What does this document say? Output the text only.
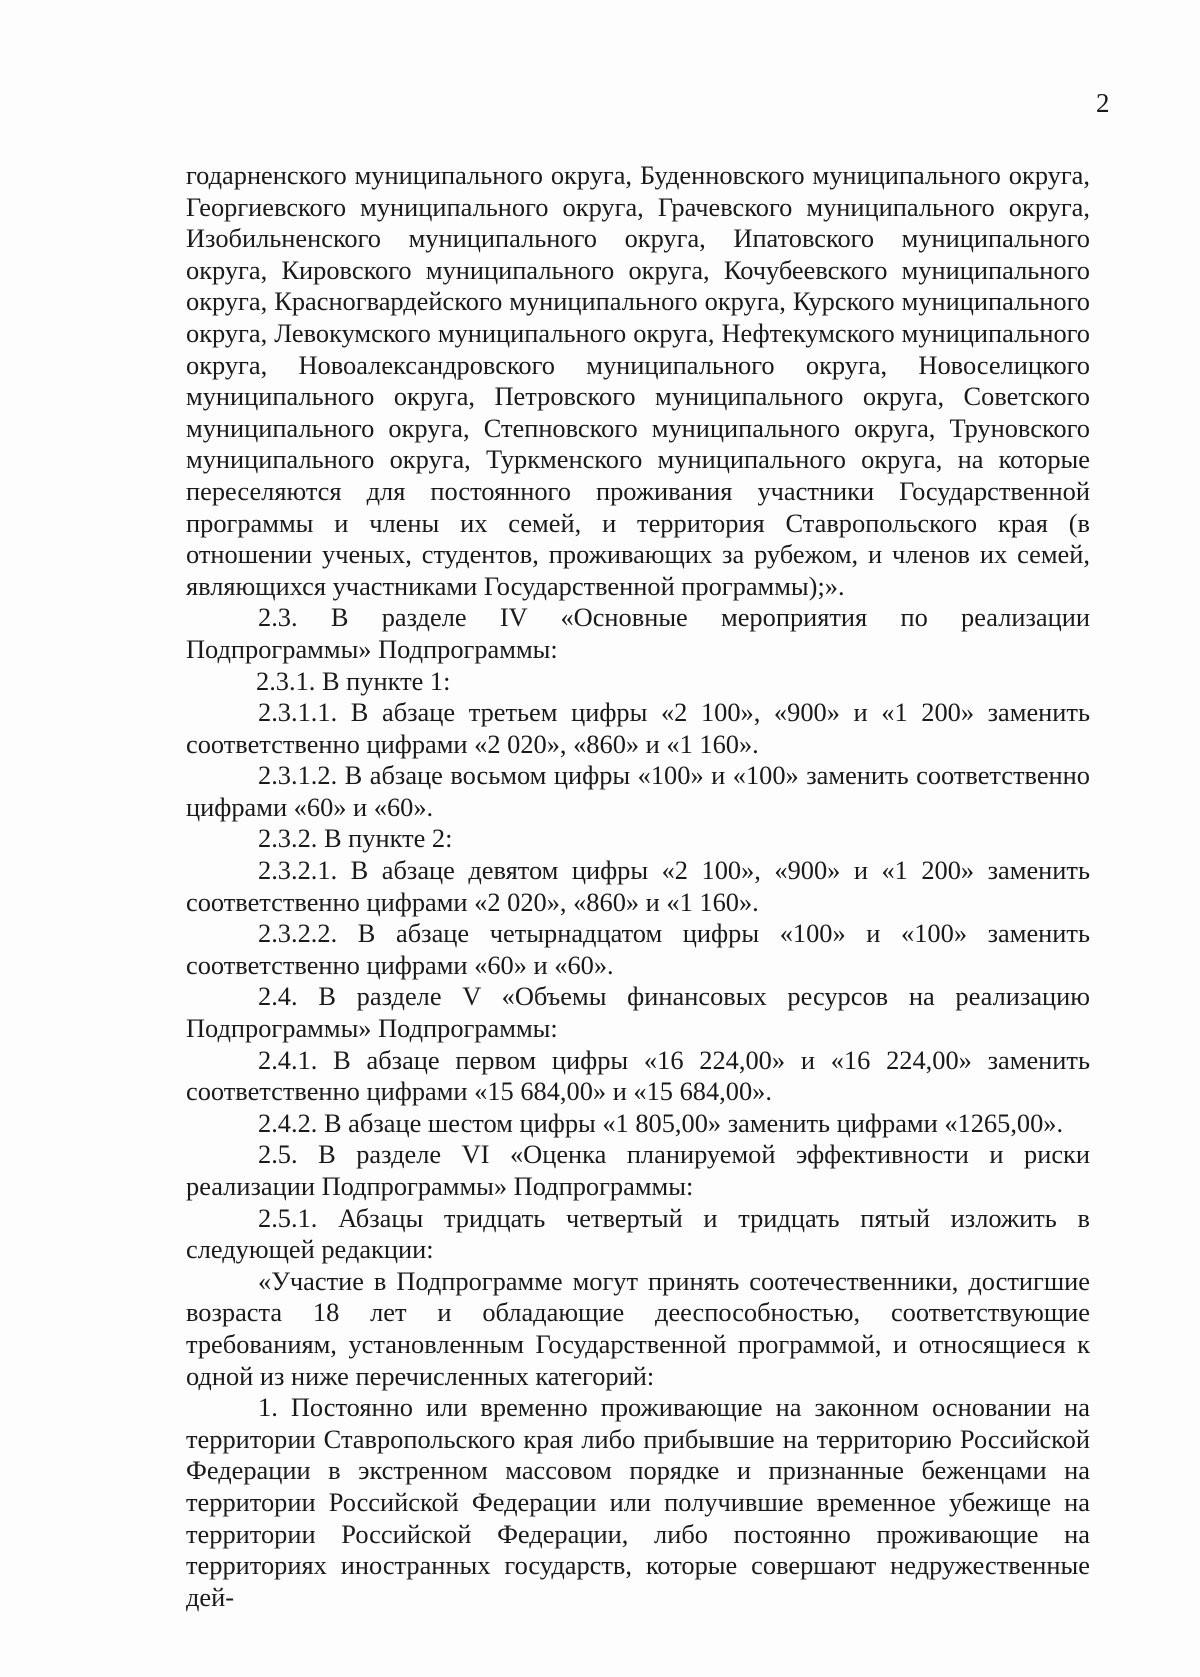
2

годарненского муниципального округа, Буденновского муниципального округа, Георгиевского муниципального округа, Грачевского муниципального округа, Изобильненского муниципального округа, Ипатовского муниципального округа, Кировского муниципального округа, Кочубеевского муниципального округа, Красногвардейского муниципального округа, Курского муниципального округа, Левокумского муниципального округа, Нефтекумского муниципального округа, Новоалександровского муниципального округа, Новоселицкого муниципального округа, Петровского муниципального округа, Советского муниципального округа, Степновского муниципального округа, Труновского муниципального округа, Туркменского муниципального округа, на которые переселяются для постоянного проживания участники Государственной программы и члены их семей, и территория Ставропольского края (в отношении ученых, студентов, проживающих за рубежом, и членов их семей, являющихся участниками Государственной программы);».

2.3. В разделе IV «Основные мероприятия по реализации Подпрограммы» Подпрограммы:

2.3.1. В пункте 1:

2.3.1.1. В абзаце третьем цифры «2 100», «900» и «1 200» заменить соответственно цифрами «2 020», «860» и «1 160».

2.3.1.2. В абзаце восьмом цифры «100» и «100» заменить соответственно цифрами «60» и «60».

2.3.2. В пункте 2:

2.3.2.1. В абзаце девятом цифры «2 100», «900» и «1 200» заменить соответственно цифрами «2 020», «860» и «1 160».

2.3.2.2. В абзаце четырнадцатом цифры «100» и «100» заменить соответственно цифрами «60» и «60».

2.4. В разделе V «Объемы финансовых ресурсов на реализацию Подпрограммы» Подпрограммы:

2.4.1. В абзаце первом цифры «16 224,00» и «16 224,00» заменить соответственно цифрами «15 684,00» и «15 684,00».

2.4.2. В абзаце шестом цифры «1 805,00» заменить цифрами «1265,00».

2.5. В разделе VI «Оценка планируемой эффективности и риски реализации Подпрограммы» Подпрограммы:

2.5.1. Абзацы тридцать четвертый и тридцать пятый изложить в следующей редакции:

«Участие в Подпрограмме могут принять соотечественники, достигшие возраста 18 лет и обладающие дееспособностью, соответствующие требованиям, установленным Государственной программой, и относящиеся к одной из ниже перечисленных категорий:

1. Постоянно или временно проживающие на законном основании на территории Ставропольского края либо прибывшие на территорию Российской Федерации в экстренном массовом порядке и признанные беженцами на территории Российской Федерации или получившие временное убежище на территории Российской Федерации, либо постоянно проживающие на территориях иностранных государств, которые совершают недружественные дей-
